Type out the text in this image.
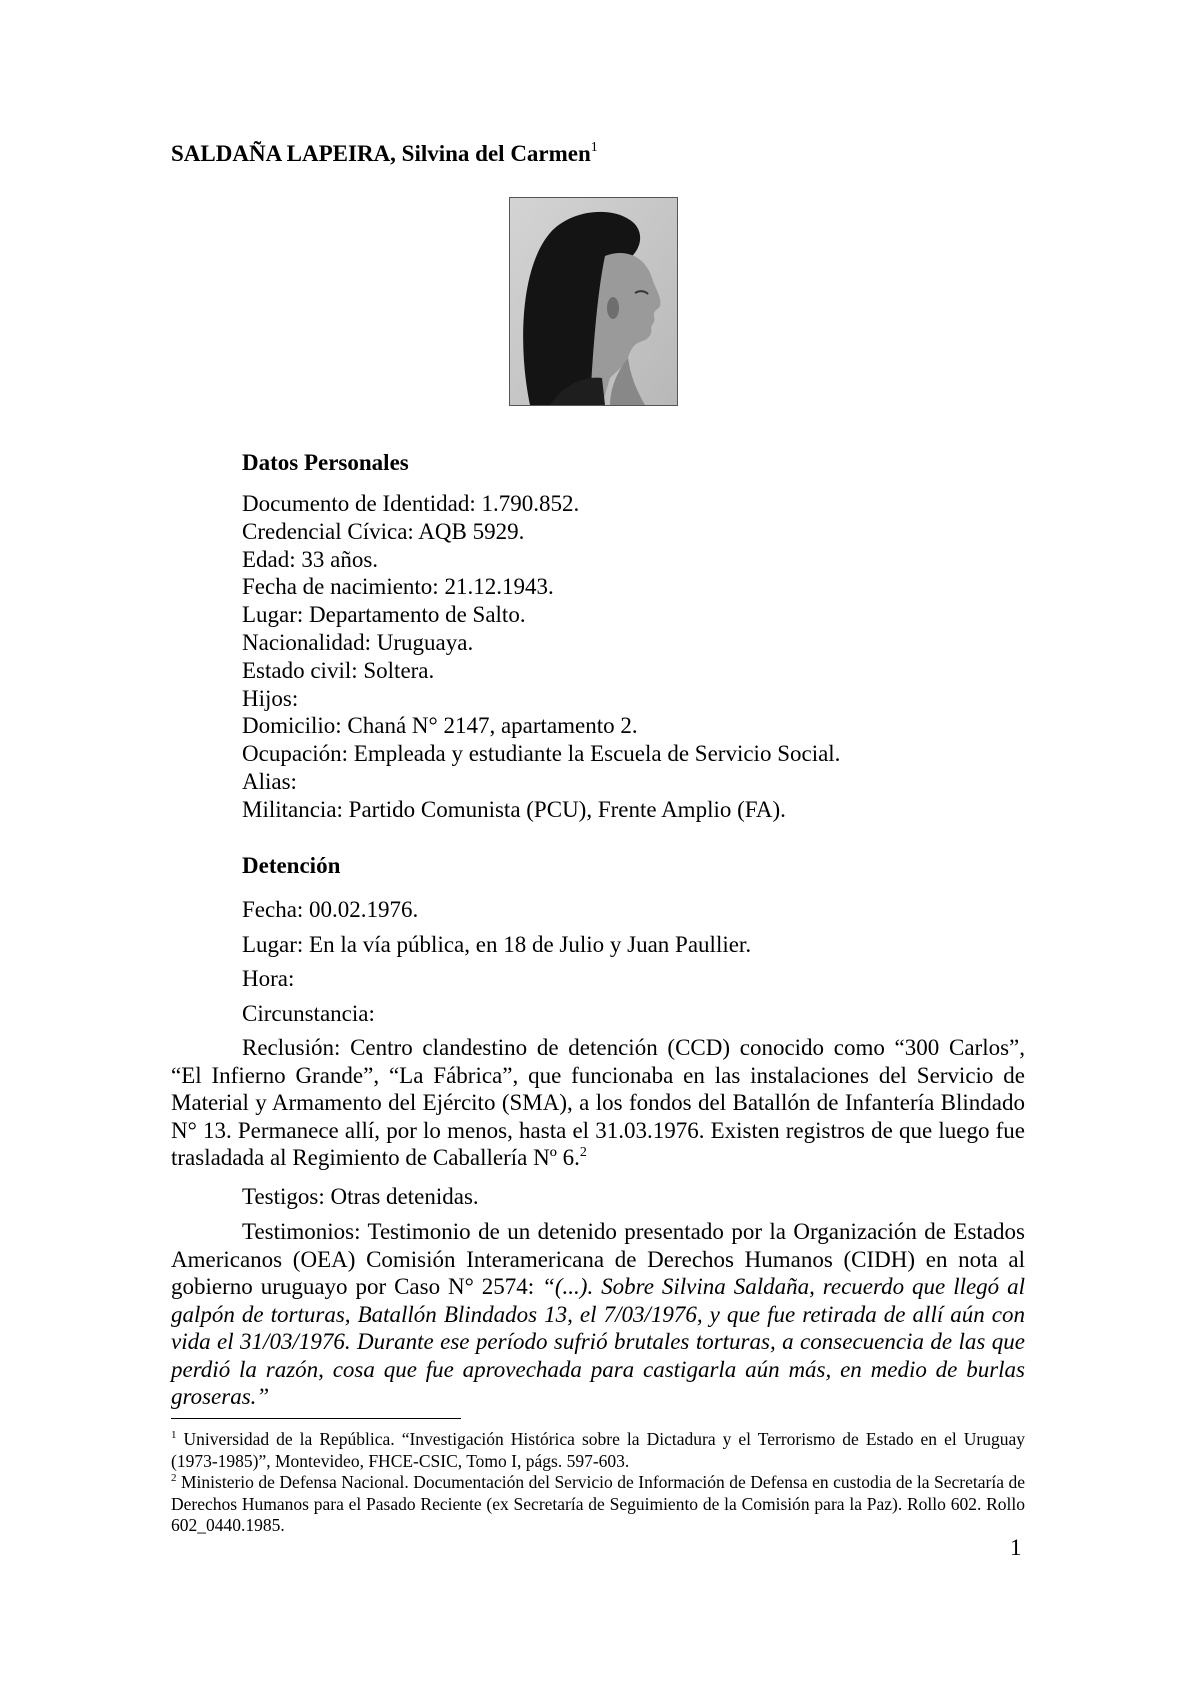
SALDAÑA LAPEIRA, Silvina del Carmen$^1$
Datos Personales
Documento de Identidad: 1.790.852.
Credencial Cívica: AQB 5929.
Edad: 33 años.
Fecha de nacimiento: 21.12.1943.
Lugar: Departamento de Salto.
Nacionalidad: Uruguaya.
Estado civil: Soltera.
Hijos:
Domicilio: Chaná N° 2147, apartamento 2.
Ocupación: Empleada y estudiante la Escuela de Servicio Social.
Alias:
Militancia: Partido Comunista (PCU), Frente Amplio (FA).
Detención
Fecha: 00.02.1976.
Lugar: En la vía pública, en 18 de Julio y Juan Paullier.
Hora:
Circunstancia:

Reclusión: Centro clandestino de detención (CCD) conocido como “300 Carlos”, “El Infierno Grande”, “La Fábrica”, que funcionaba en las instalaciones del Servicio de Material y Armamento del Ejército (SMA), a los fondos del Batallón de Infantería Blindado N° 13. Permanece allí, por lo menos, hasta el 31.03.1976. Existen registros de que luego fue trasladada al Regimiento de Caballería Nº 6.$^2$

Testigos: Otras detenidas.

Testimonios: Testimonio de un detenido presentado por la Organización de Estados Americanos (OEA) Comisión Interamericana de Derechos Humanos (CIDH) en nota al gobierno uruguayo por Caso N° 2574: “(...). Sobre Silvina Saldaña, recuerdo que llegó al galpón de torturas, Batallón Blindados 13, el 7/03/1976, y que fue retirada de allí aún con vida el 31/03/1976. Durante ese período sufrió brutales torturas, a consecuencia de las que perdió la razón, cosa que fue aprovechada para castigarla aún más, en medio de burlas groseras.”

$^1$ Universidad de la República. “Investigación Histórica sobre la Dictadura y el Terrorismo de Estado en el Uruguay (1973-1985)”, Montevideo, FHCE-CSIC, Tomo I, págs. 597-603.

$^2$ Ministerio de Defensa Nacional. Documentación del Servicio de Información de Defensa en custodia de la Secretaría de Derechos Humanos para el Pasado Reciente (ex Secretaría de Seguimiento de la Comisión para la Paz). Rollo 602. Rollo 602_0440.1985.

1
